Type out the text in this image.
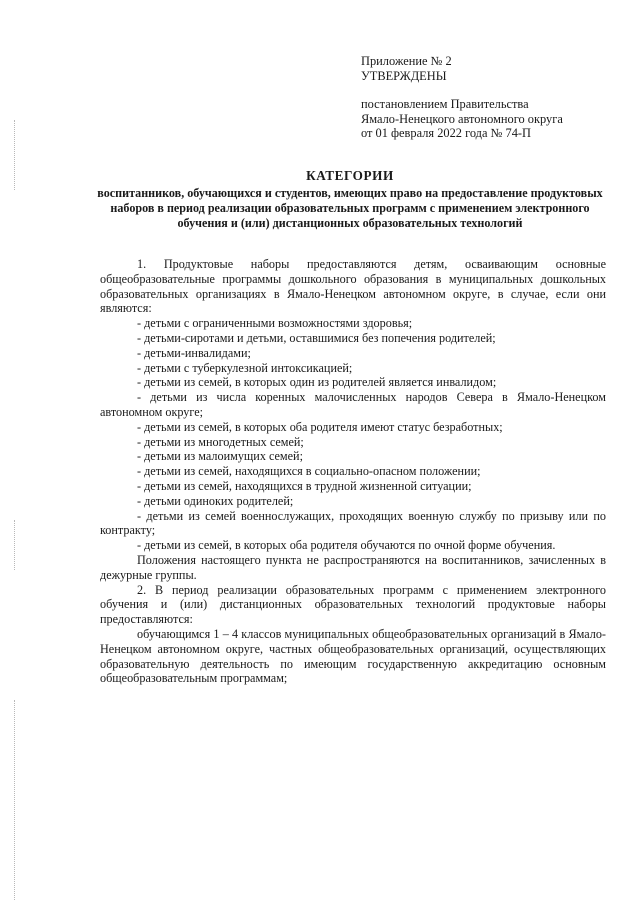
Приложение № 2
УТВЕРЖДЕНЫ
постановлением Правительства
Ямало-Ненецкого автономного округа
от 01 февраля 2022 года № 74-П
КАТЕГОРИИ
воспитанников, обучающихся и студентов, имеющих право на предоставление продуктовых наборов в период реализации образовательных программ с применением электронного обучения и (или) дистанционных образовательных технологий

1. Продуктовые наборы предоставляются детям, осваивающим основные общеобразовательные программы дошкольного образования в муниципальных дошкольных образовательных организациях в Ямало-Ненецком автономном округе, в случае, если они являются:

- детьми с ограниченными возможностями здоровья;
- детьми-сиротами и детьми, оставшимися без попечения родителей;
- детьми-инвалидами;
- детьми с туберкулезной интоксикацией;
- детьми из семей, в которых один из родителей является инвалидом;
- детьми из числа коренных малочисленных народов Севера в Ямало-Ненецком автономном округе;
- детьми из семей, в которых оба родителя имеют статус безработных;
- детьми из многодетных семей;
- детьми из малоимущих семей;
- детьми из семей, находящихся в социально-опасном положении;
- детьми из семей, находящихся в трудной жизненной ситуации;
- детьми одиноких родителей;
- детьми из семей военнослужащих, проходящих военную службу по призыву или по контракту;
- детьми из семей, в которых оба родителя обучаются по очной форме обучения.

Положения настоящего пункта не распространяются на воспитанников, зачисленных в дежурные группы.

2. В период реализации образовательных программ с применением электронного обучения и (или) дистанционных образовательных технологий продуктовые наборы предоставляются:

обучающимся 1 – 4 классов муниципальных общеобразовательных организаций в Ямало-Ненецком автономном округе, частных общеобразовательных организаций, осуществляющих образовательную деятельность по имеющим государственную аккредитацию основным общеобразовательным программам;
